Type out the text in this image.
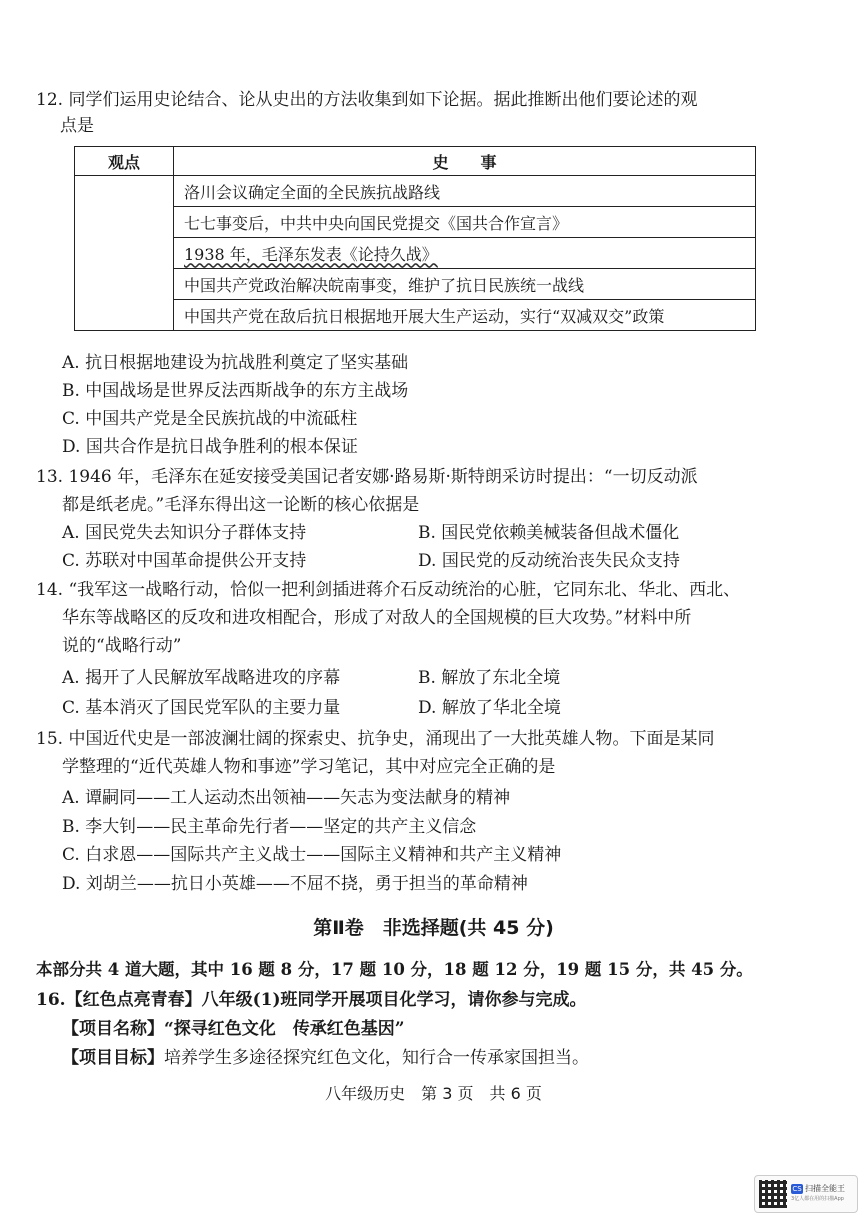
12. 同学们运用史论结合、论从史出的方法收集到如下论据。据此推断出他们要论述的观
点是
观点	史　　事
	洛川会议确定全面的全民族抗战路线
	七七事变后，中共中央向国民党提交《国共合作宣言》
	1938 年，毛泽东发表《论持久战》
	中国共产党政治解决皖南事变，维护了抗日民族统一战线
	中国共产党在敌后抗日根据地开展大生产运动，实行“双减双交”政策
A. 抗日根据地建设为抗战胜利奠定了坚实基础
B. 中国战场是世界反法西斯战争的东方主战场
C. 中国共产党是全民族抗战的中流砥柱
D. 国共合作是抗日战争胜利的根本保证
13. 1946 年，毛泽东在延安接受美国记者安娜·路易斯·斯特朗采访时提出：“一切反动派
都是纸老虎。”毛泽东得出这一论断的核心依据是
A. 国民党失去知识分子群体支持	B. 国民党依赖美械装备但战术僵化
C. 苏联对中国革命提供公开支持	D. 国民党的反动统治丧失民众支持
14. “我军这一战略行动，恰似一把利剑插进蒋介石反动统治的心脏，它同东北、华北、西北、
华东等战略区的反攻和进攻相配合，形成了对敌人的全国规模的巨大攻势。”材料中所
说的“战略行动”
A. 揭开了人民解放军战略进攻的序幕	B. 解放了东北全境
C. 基本消灭了国民党军队的主要力量	D. 解放了华北全境
15. 中国近代史是一部波澜壮阔的探索史、抗争史，涌现出了一大批英雄人物。下面是某同
学整理的“近代英雄人物和事迹”学习笔记，其中对应完全正确的是
A. 谭嗣同——工人运动杰出领袖——矢志为变法献身的精神
B. 李大钊——民主革命先行者——坚定的共产主义信念
C. 白求恩——国际共产主义战士——国际主义精神和共产主义精神
D. 刘胡兰——抗日小英雄——不屈不挠，勇于担当的革命精神
第Ⅱ卷　非选择题(共 45 分)
本部分共 4 道大题，其中 16 题 8 分，17 题 10 分，18 题 12 分，19 题 15 分，共 45 分。
16.【红色点亮青春】八年级(1)班同学开展项目化学习，请你参与完成。
【项目名称】“探寻红色文化　传承红色基因”
【项目目标】培养学生多途径探究红色文化，知行合一传承家国担当。
八年级历史　第 3 页　共 6 页
CS 扫描全能王
3亿人都在用的扫描App
